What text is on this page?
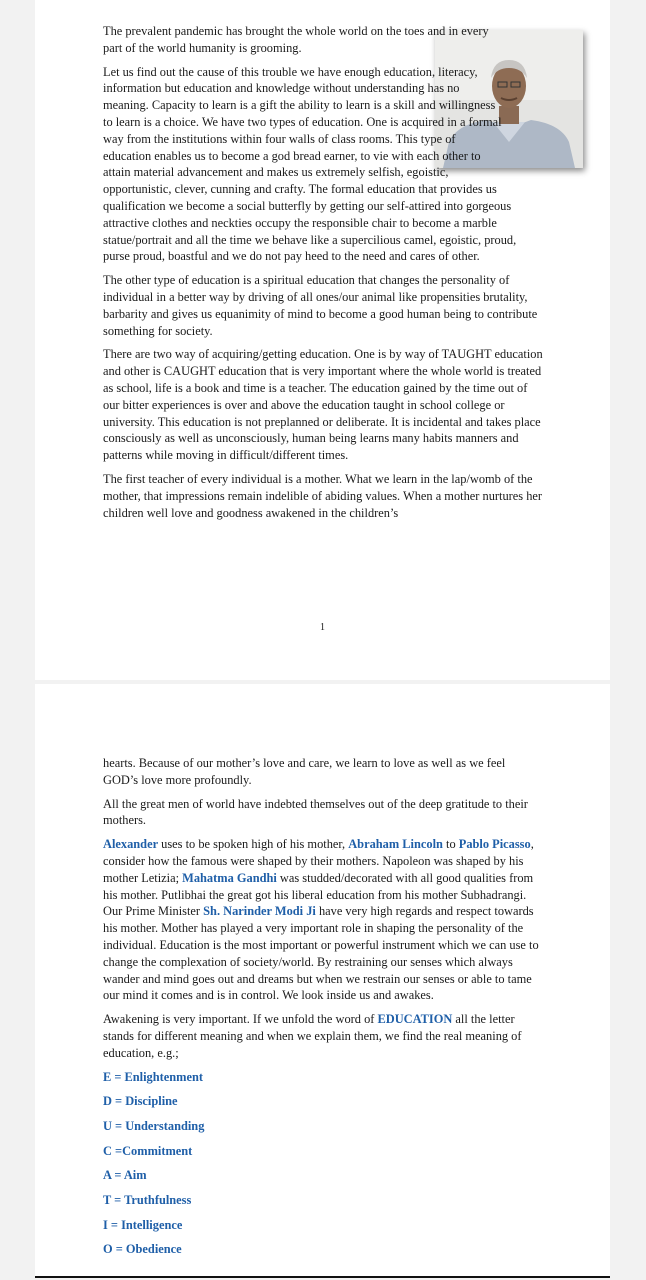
The prevalent pandemic has brought the whole world on the toes and in every part of the world humanity is grooming.

Let us find out the cause of this trouble we have enough education, literacy, information but education and knowledge without understanding has no meaning. Capacity to learn is a gift the ability to learn is a skill and willingness to learn is a choice. We have two types of education. One is acquired in a formal way from the institutions within four walls of class rooms. This type of education enables us to become a god bread earner, to vie with each other to attain material advancement and makes us extremely selfish, egoistic, opportunistic, clever, cunning and crafty. The formal education that provides us qualification we become a social butterfly by getting our self-attired into gorgeous attractive clothes and neckties occupy the responsible chair to become a marble statue/portrait and all the time we behave like a supercilious camel, egoistic, proud, purse proud, boastful and we do not pay heed to the need and cares of other.

The other type of education is a spiritual education that changes the personality of individual in a better way by driving of all ones/our animal like propensities brutality, barbarity and gives us equanimity of mind to become a good human being to contribute something for society.

There are two way of acquiring/getting education. One is by way of TAUGHT education and other is CAUGHT education that is very important where the whole world is treated as school, life is a book and time is a teacher. The education gained by the time out of our bitter experiences is over and above the education taught in school college or university. This education is not preplanned or deliberate. It is incidental and takes place consciously as well as unconsciously, human being learns many habits manners and patterns while moving in difficult/different times.

The first teacher of every individual is a mother. What we learn in the lap/womb of the mother, that impressions remain indelible of abiding values. When a mother nurtures her children well love and goodness awakened in the children’s

1

hearts. Because of our mother’s love and care, we learn to love as well as we feel GOD’s love more profoundly.

All the great men of world have indebted themselves out of the deep gratitude to their mothers.

Alexander uses to be spoken high of his mother, Abraham Lincoln to Pablo Picasso, consider how the famous were shaped by their mothers. Napoleon was shaped by his mother Letizia; Mahatma Gandhi was studded/decorated with all good qualities from his mother. Putlibhai the great got his liberal education from his mother Subhadrangi. Our Prime Minister Sh. Narinder Modi Ji have very high regards and respect towards his mother. Mother has played a very important role in shaping the personality of the individual. Education is the most important or powerful instrument which we can use to change the complexation of society/world. By restraining our senses which always wander and mind goes out and dreams but when we restrain our senses or able to tame our mind it comes and is in control. We look inside us and awakes.

Awakening is very important. If we unfold the word of EDUCATION all the letter stands for different meaning and when we explain them, we find the real meaning of education, e.g.;

E = Enlightenment

D = Discipline

U = Understanding

C =Commitment

A = Aim

T = Truthfulness

I = Intelligence

O = Obedience
